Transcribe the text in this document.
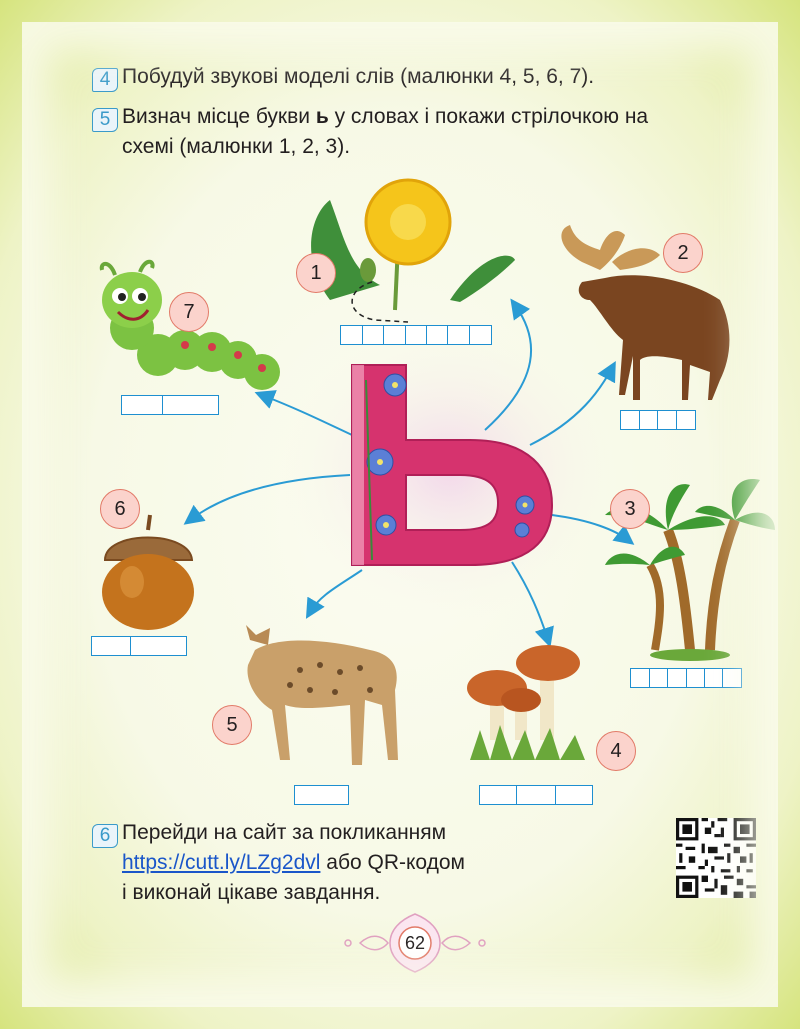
4 Побудуй звукові моделі слів (малюнки 4, 5, 6, 7).
5 Визнач місце букви ь у словах і покажи стрілочкою на
схемі (малюнки 1, 2, 3).
1
2
3
4
5
6
7
6 Перейди на сайт за покликанням
https://cutt.ly/LZg2dvl або QR-кодом
і виконай цікаве завдання.
62
